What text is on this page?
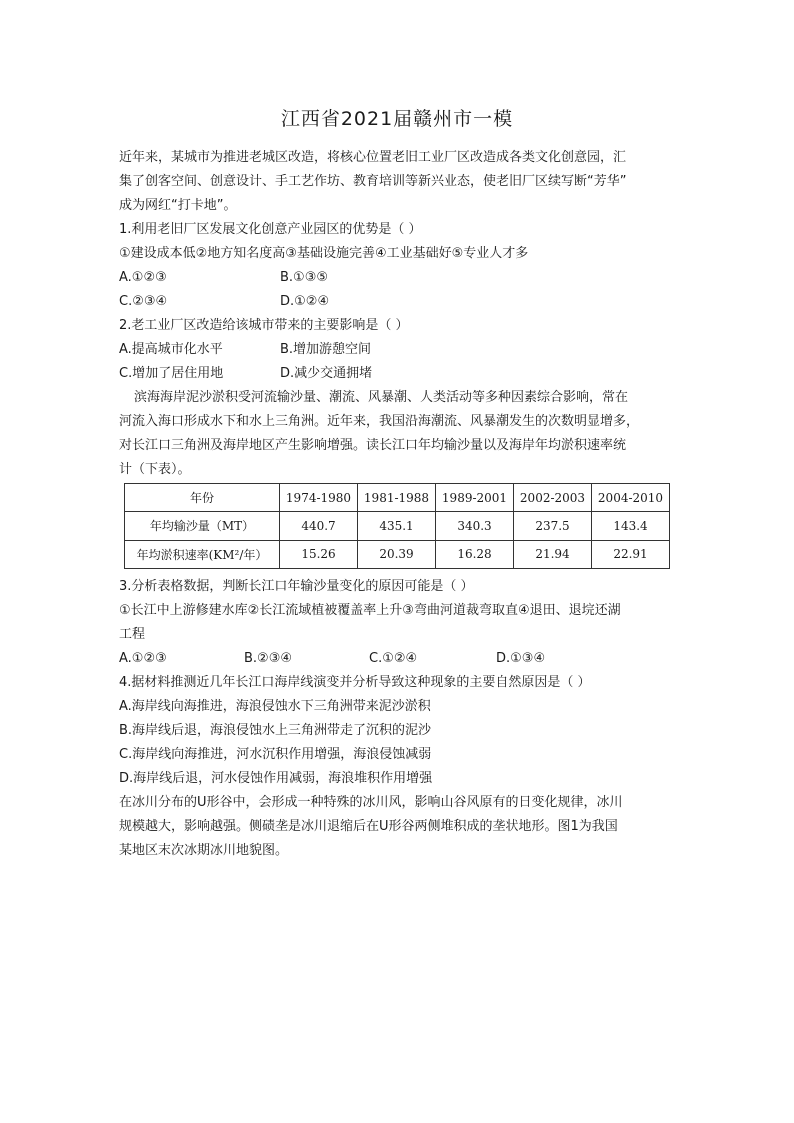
江西省2021届赣州市一模

近年来，某城市为推进老城区改造，将核心位置老旧工业厂区改造成各类文化创意园，汇

集了创客空间、创意设计、手工艺作坊、教育培训等新兴业态，使老旧厂区续写断“芳华”

成为网红“打卡地”。

1.利用老旧厂区发展文化创意产业园区的优势是（ ）

①建设成本低②地方知名度高③基础设施完善④工业基础好⑤专业人才多

A.①②③	B.①③⑤

C.②③④	D.①②④

2.老工业厂区改造给该城市带来的主要影响是（ ）

A.提高城市化水平	B.增加游憩空间

C.增加了居住用地	D.减少交通拥堵

滨海海岸泥沙淤积受河流输沙量、潮流、风暴潮、人类活动等多种因素综合影响，常在

河流入海口形成水下和水上三角洲。近年来，我国沿海潮流、风暴潮发生的次数明显增多，

对长江口三角洲及海岸地区产生影响增强。读长江口年均输沙量以及海岸年均淤积速率统

计（下表）。

年份	1974-1980	1981-1988	1989-2001	2002-2003	2004-2010
年均输沙量（MT）	440.7	435.1	340.3	237.5	143.4
年均淤积速率(KM²/年）	15.26	20.39	16.28	21.94	22.91

3.分析表格数据，判断长江口年输沙量变化的原因可能是（ ）

①长江中上游修建水库②长江流域植被覆盖率上升③弯曲河道裁弯取直④退田、退垸还湖

工程

A.①②③	B.②③④	C.①②④	D.①③④

4.据材料推测近几年长江口海岸线演变并分析导致这种现象的主要自然原因是（ ）

A.海岸线向海推进，海浪侵蚀水下三角洲带来泥沙淤积

B.海岸线后退，海浪侵蚀水上三角洲带走了沉积的泥沙

C.海岸线向海推进，河水沉积作用增强，海浪侵蚀减弱

D.海岸线后退，河水侵蚀作用减弱，海浪堆积作用增强

在冰川分布的U形谷中，会形成一种特殊的冰川风，影响山谷风原有的日变化规律，冰川

规模越大，影响越强。侧碛垄是冰川退缩后在U形谷两侧堆积成的垄状地形。图1为我国

某地区末次冰期冰川地貌图。
